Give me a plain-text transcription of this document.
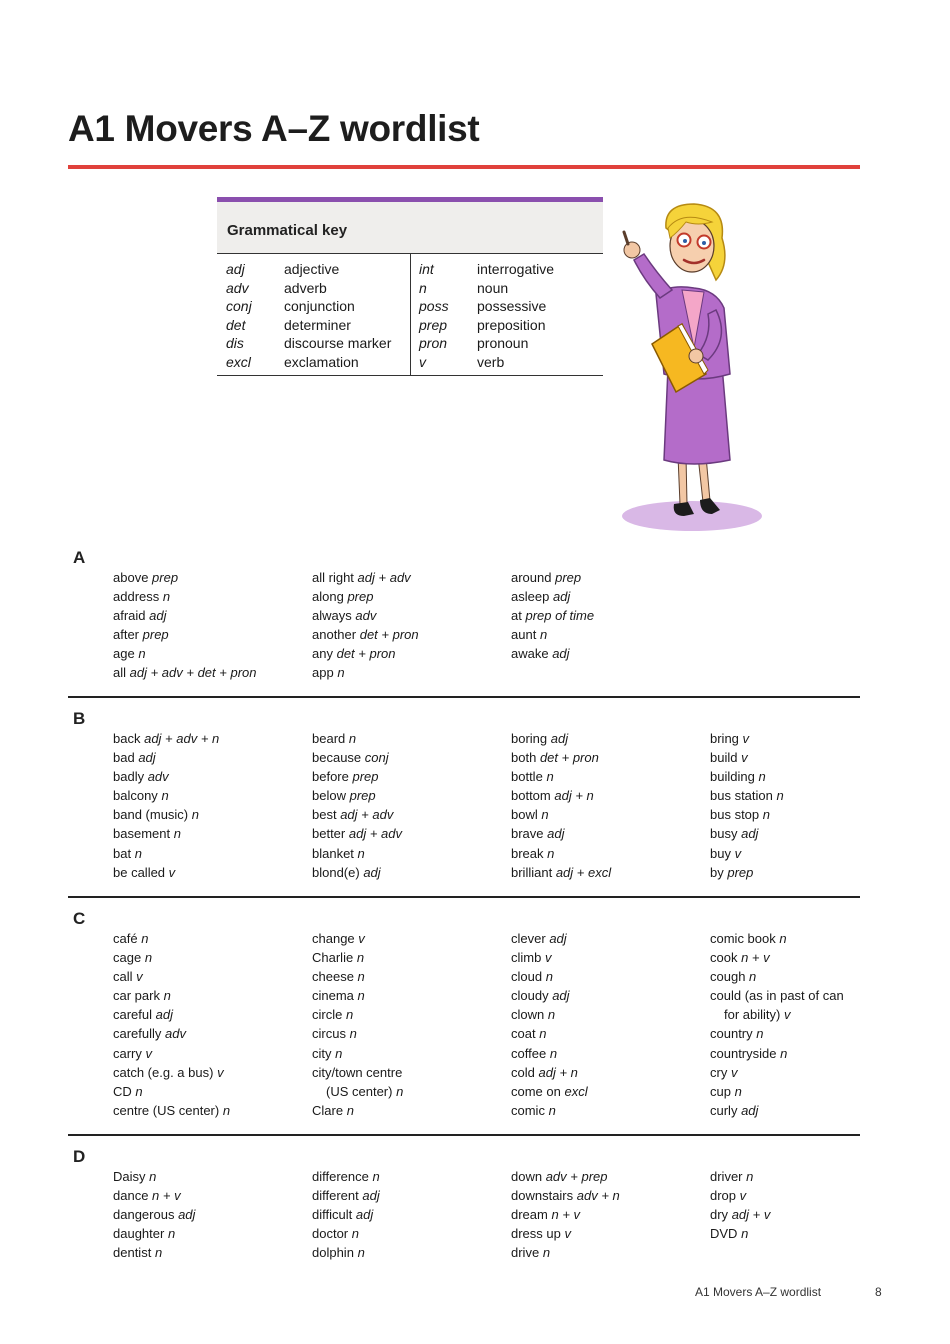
A1 Movers A–Z wordlist
Grammatical key
adj	adjective
adv	adverb
conj	conjunction
det	determiner
dis	discourse marker
excl	exclamation
int	interrogative
n	noun
poss	possessive
prep	preposition
pron	pronoun
v	verb
A
above prep
address n
afraid adj
after prep
age n
all adj + adv + det + pron
all right adj + adv
along prep
always adv
another det + pron
any det + pron
app n
around prep
asleep adj
at prep of time
aunt n
awake adj
B
back adj + adv + n
bad adj
badly adv
balcony n
band (music) n
basement n
bat n
be called v
beard n
because conj
before prep
below prep
best adj + adv
better adj + adv
blanket n
blond(e) adj
boring adj
both det + pron
bottle n
bottom adj + n
bowl n
brave adj
break n
brilliant adj + excl
bring v
build v
building n
bus station n
bus stop n
busy adj
buy v
by prep
C
café n
cage n
call v
car park n
careful adj
carefully adv
carry v
catch (e.g. a bus) v
CD n
centre (US center) n
change v
Charlie n
cheese n
cinema n
circle n
circus n
city n
city/town centre
(US center) n
Clare n
clever adj
climb v
cloud n
cloudy adj
clown n
coat n
coffee n
cold adj + n
come on excl
comic n
comic book n
cook n + v
cough n
could (as in past of can
for ability) v
country n
countryside n
cry v
cup n
curly adj
D
Daisy n
dance n + v
dangerous adj
daughter n
dentist n
difference n
different adj
difficult adj
doctor n
dolphin n
down adv + prep
downstairs adv + n
dream n + v
dress up v
drive n
driver n
drop v
dry adj + v
DVD n
A1 Movers A–Z wordlist	8
